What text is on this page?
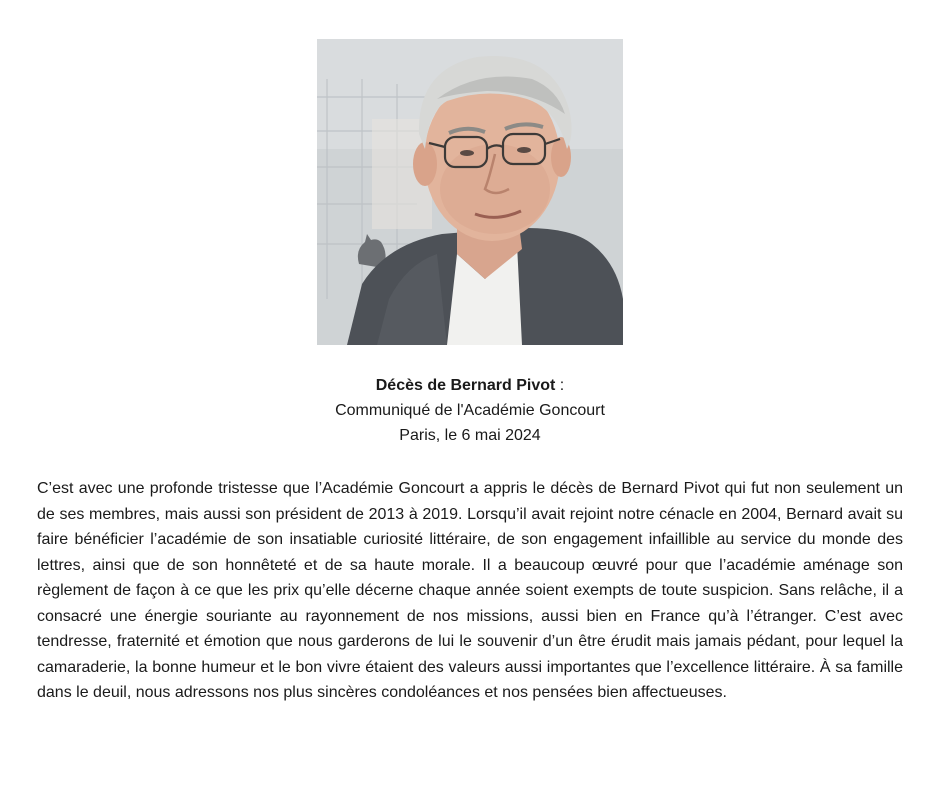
Décès de Bernard Pivot :
Communiqué de l'Académie Goncourt
Paris, le 6 mai 2024

C’est avec une profonde tristesse que l’Académie Goncourt a appris le décès de Bernard Pivot qui fut non seulement un de ses membres, mais aussi son président de 2013 à 2019. Lorsqu’il avait rejoint notre cénacle en 2004, Bernard avait su faire bénéficier l’académie de son insatiable curiosité littéraire, de son engagement infaillible au service du monde des lettres, ainsi que de son honnêteté et de sa haute morale. Il a beaucoup œuvré pour que l’académie aménage son règlement de façon à ce que les prix qu’elle décerne chaque année soient exempts de toute suspicion. Sans relâche, il a consacré une énergie souriante au rayonnement de nos missions, aussi bien en France qu’à l’étranger. C’est avec tendresse, fraternité et émotion que nous garderons de lui le souvenir d’un être érudit mais jamais pédant, pour lequel la camaraderie, la bonne humeur et le bon vivre étaient des valeurs aussi importantes que l’excellence littéraire. À sa famille dans le deuil, nous adressons nos plus sincères condoléances et nos pensées bien affectueuses.
